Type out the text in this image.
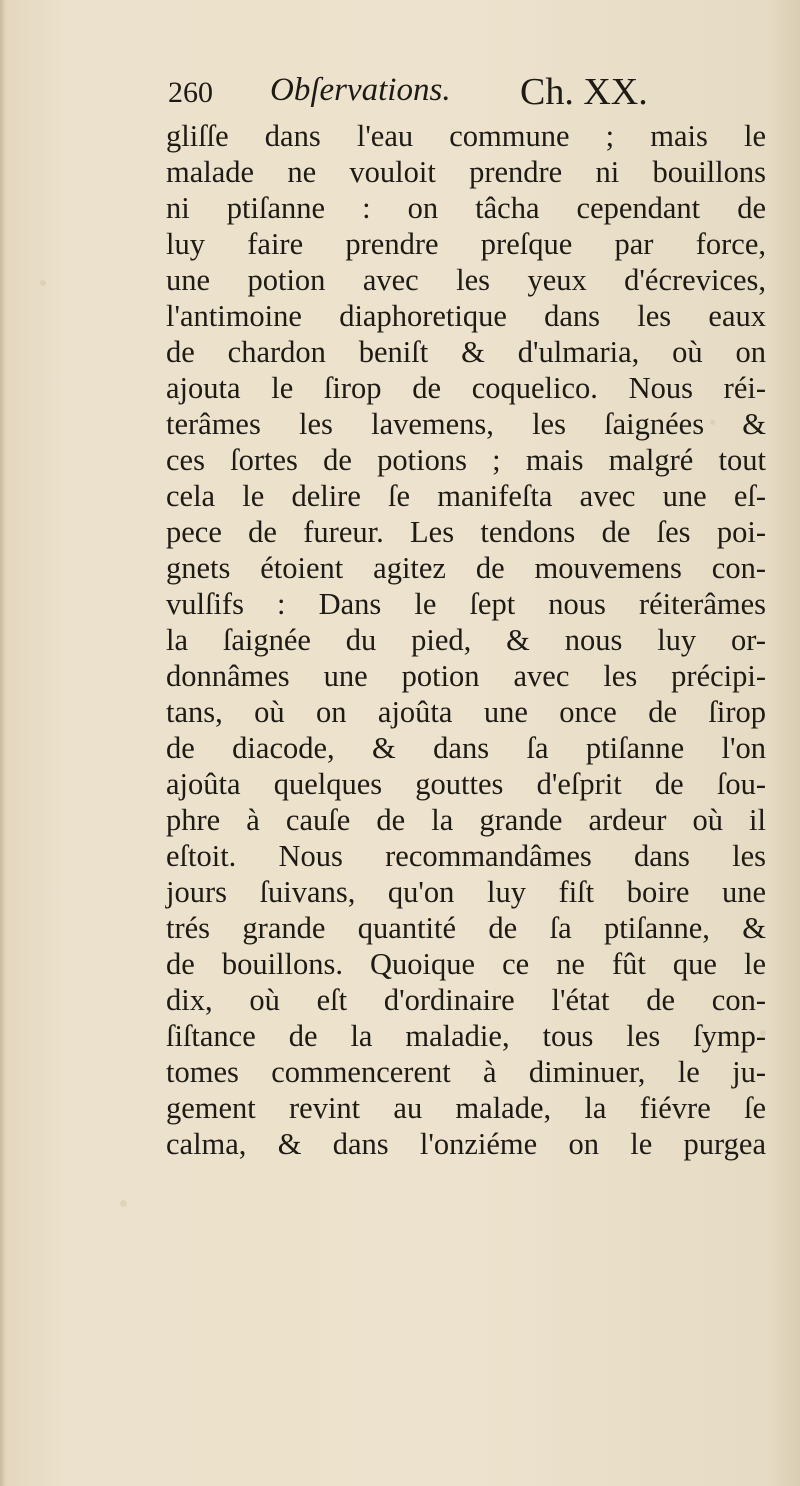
260 Obſervations. Ch. XX.
gliſſe dans l'eau commune ; mais le
malade ne vouloit prendre ni bouillons
ni ptiſanne : on tâcha cependant de
luy faire prendre preſque par force,
une potion avec les yeux d'écrevices,
l'antimoine diaphoretique dans les eaux
de chardon beniſt & d'ulmaria, où on
ajouta le ſirop de coquelico. Nous réi-
terâmes les lavemens, les ſaignées &
ces ſortes de potions ; mais malgré tout
cela le delire ſe manifeſta avec une eſ-
pece de fureur. Les tendons de ſes poi-
gnets étoient agitez de mouvemens con-
vulſifs : Dans le ſept nous réiterâmes
la ſaignée du pied, & nous luy or-
donnâmes une potion avec les précipi-
tans, où on ajoûta une once de ſirop
de diacode, & dans ſa ptiſanne l'on
ajoûta quelques gouttes d'eſprit de ſou-
phre à cauſe de la grande ardeur où il
eſtoit. Nous recommandâmes dans les
jours ſuivans, qu'on luy fiſt boire une
trés grande quantité de ſa ptiſanne, &
de bouillons. Quoique ce ne fût que le
dix, où eſt d'ordinaire l'état de con-
ſiſtance de la maladie, tous les ſymp-
tomes commencerent à diminuer, le ju-
gement revint au malade, la fiévre ſe
calma, & dans l'onziéme on le purgea
